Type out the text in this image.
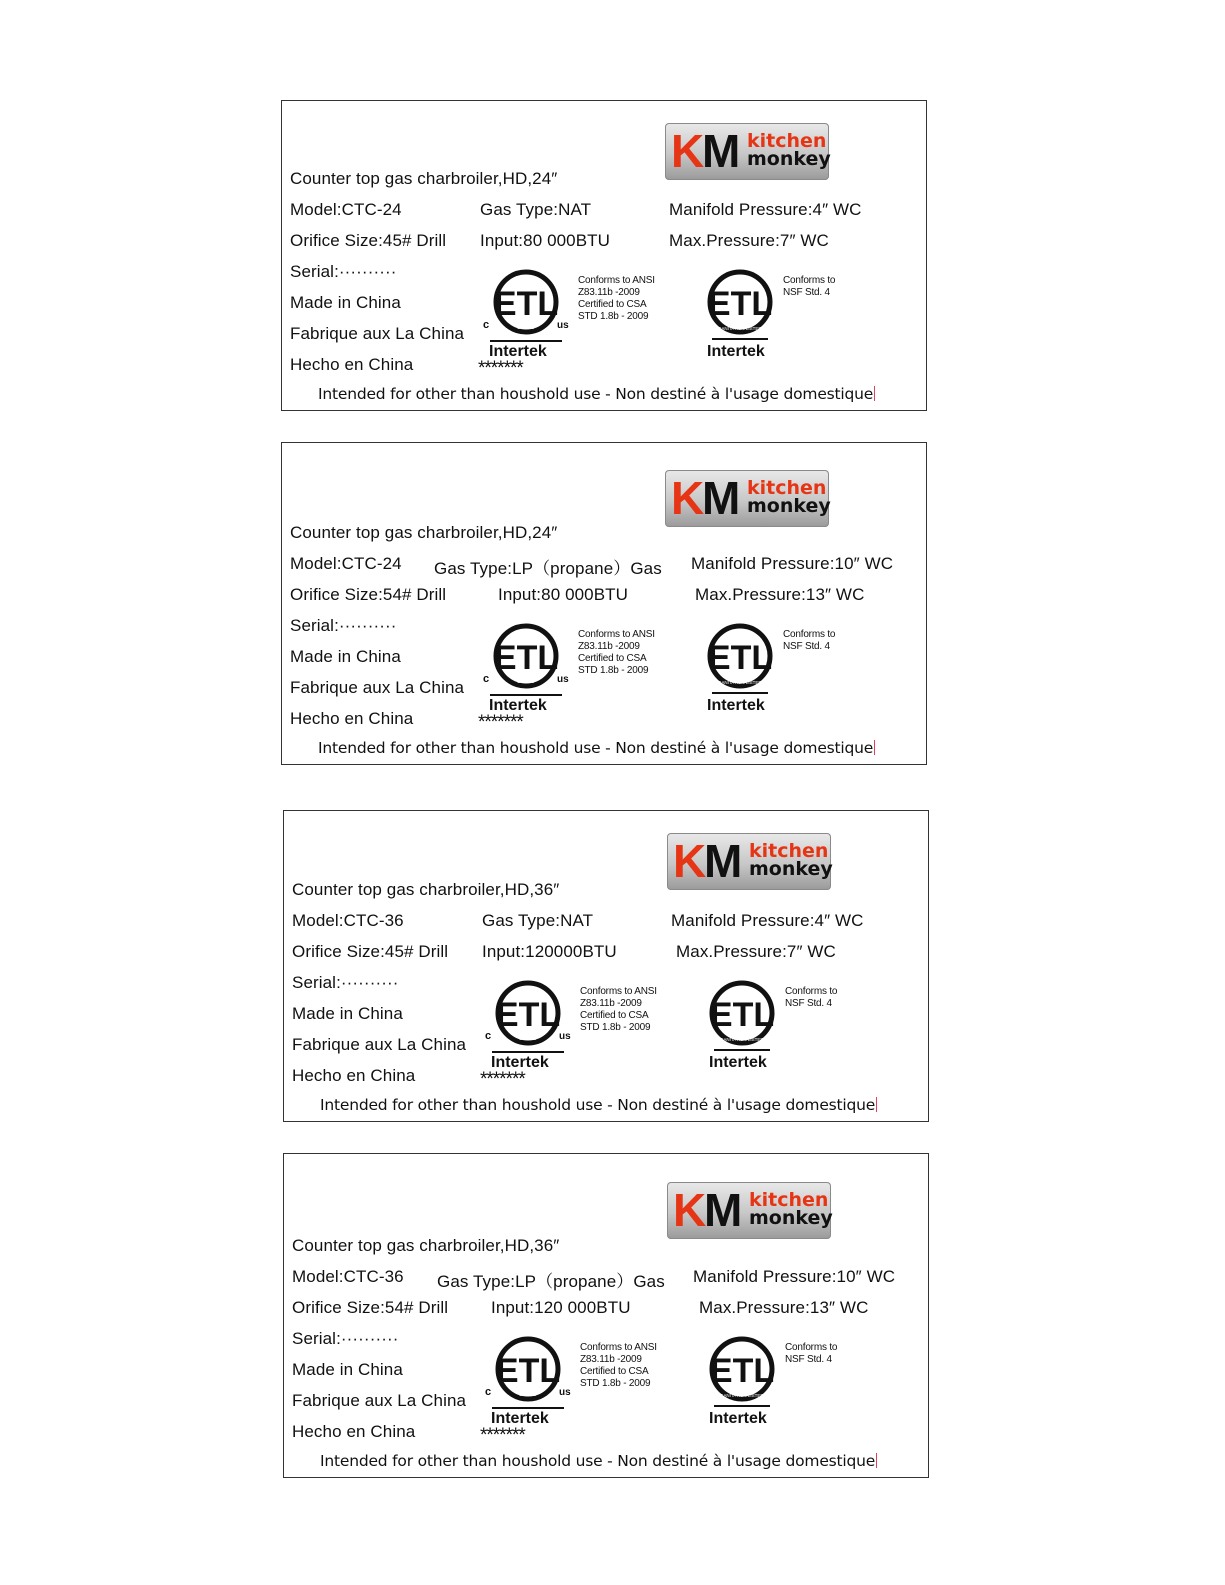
K M kitchen
monkey
Counter top gas charbroiler,HD,24″
Model:CTC-24	Gas Type:NAT	Manifold Pressure:4″ WC
Orifice Size:45# Drill Input:80 000BTU	Max.Pressure:7″ WC
Serial:··········
Made in China
Fabrique aux La China
Hecho en China
ETL
c	us
LISTED
Intertek
*******
Conforms to ANSI
Z83.11b -2009
Certified to CSA
STD 1.8b - 2009 ETL
SANITATION LISTED
Intertek
Conforms to
NSF Std. 4
Intended for other than houshold use - Non destiné à l'usage domestique
K M kitchen
monkey
Counter top gas charbroiler,HD,24″
Model:CTC-24 Gas Type:LP（propane）Gas Manifold Pressure:10″ WC
Orifice Size:54# Drill	Input:80 000BTU	Max.Pressure:13″ WC
Serial:··········
Made in China
Fabrique aux La China
Hecho en China
ETL
c	us
LISTED
Intertek
*******
Conforms to ANSI
Z83.11b -2009
Certified to CSA
STD 1.8b - 2009 ETL
SANITATION LISTED
Intertek
Conforms to
NSF Std. 4
Intended for other than houshold use - Non destiné à l'usage domestique
K M kitchen
monkey
Counter top gas charbroiler,HD,36″
Model:CTC-36	Gas Type:NAT	Manifold Pressure:4″ WC
Orifice Size:45# Drill Input:120000BTU	Max.Pressure:7″ WC
Serial:··········
Made in China
Fabrique aux La China
Hecho en China
ETL
c	us
LISTED
Intertek
*******
Conforms to ANSI
Z83.11b -2009
Certified to CSA
STD 1.8b - 2009 ETL
SANITATION LISTED
Intertek
Conforms to
NSF Std. 4
Intended for other than houshold use - Non destiné à l'usage domestique
K M kitchen
monkey
Counter top gas charbroiler,HD,36″
Model:CTC-36 Gas Type:LP（propane）Gas Manifold Pressure:10″ WC
Orifice Size:54# Drill	Input:120 000BTU	Max.Pressure:13″ WC
Serial:··········
Made in China
Fabrique aux La China
Hecho en China
ETL
c	us
LISTED
Intertek
*******
Conforms to ANSI
Z83.11b -2009
Certified to CSA
STD 1.8b - 2009 ETL
SANITATION LISTED
Intertek
Conforms to
NSF Std. 4
Intended for other than houshold use - Non destiné à l'usage domestique
